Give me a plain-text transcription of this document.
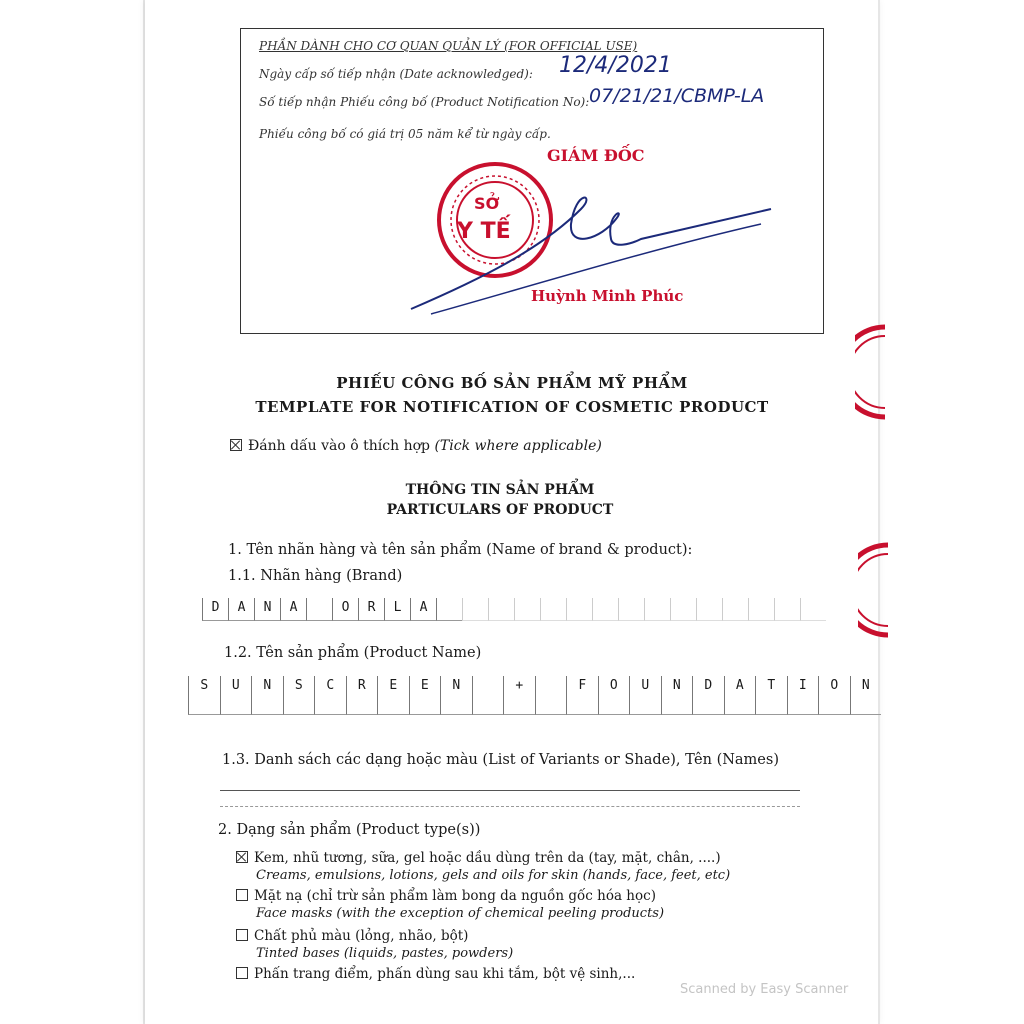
PHẦN DÀNH CHO CƠ QUAN QUẢN LÝ (FOR OFFICIAL USE)
Ngày cấp số tiếp nhận (Date acknowledged): 12/4/2021
Số tiếp nhận Phiếu công bố (Product Notification No): 07/21/21/CBMP-LA
Phiếu công bố có giá trị 05 năm kể từ ngày cấp.
GIÁM ĐỐC
SỞ
Y TẾ
Huỳnh Minh Phúc
PHIẾU CÔNG BỐ SẢN PHẨM MỸ PHẨM
TEMPLATE FOR NOTIFICATION OF COSMETIC PRODUCT
Đánh dấu vào ô thích hợp (Tick where applicable)
THÔNG TIN SẢN PHẨM
PARTICULARS OF PRODUCT
1. Tên nhãn hàng và tên sản phẩm (Name of brand & product):
1.1. Nhãn hàng (Brand)
D	A	N	A	O	R	L	A
1.2. Tên sản phẩm (Product Name)
S	U	N	S	C	R	E	E	N	+	F	O	U	N	D	A	T	I	O	N
1.3. Danh sách các dạng hoặc màu (List of Variants or Shade), Tên (Names)
2. Dạng sản phẩm (Product type(s))
Kem, nhũ tương, sữa, gel hoặc dầu dùng trên da (tay, mặt, chân, ....)
Creams, emulsions, lotions, gels and oils for skin (hands, face, feet, etc)
Mặt nạ (chỉ trừ sản phẩm làm bong da nguồn gốc hóa học)
Face masks (with the exception of chemical peeling products)
Chất phủ màu (lỏng, nhão, bột)
Tinted bases (liquids, pastes, powders)
Phấn trang điểm, phấn dùng sau khi tắm, bột vệ sinh,...
Scanned by Easy Scanner
